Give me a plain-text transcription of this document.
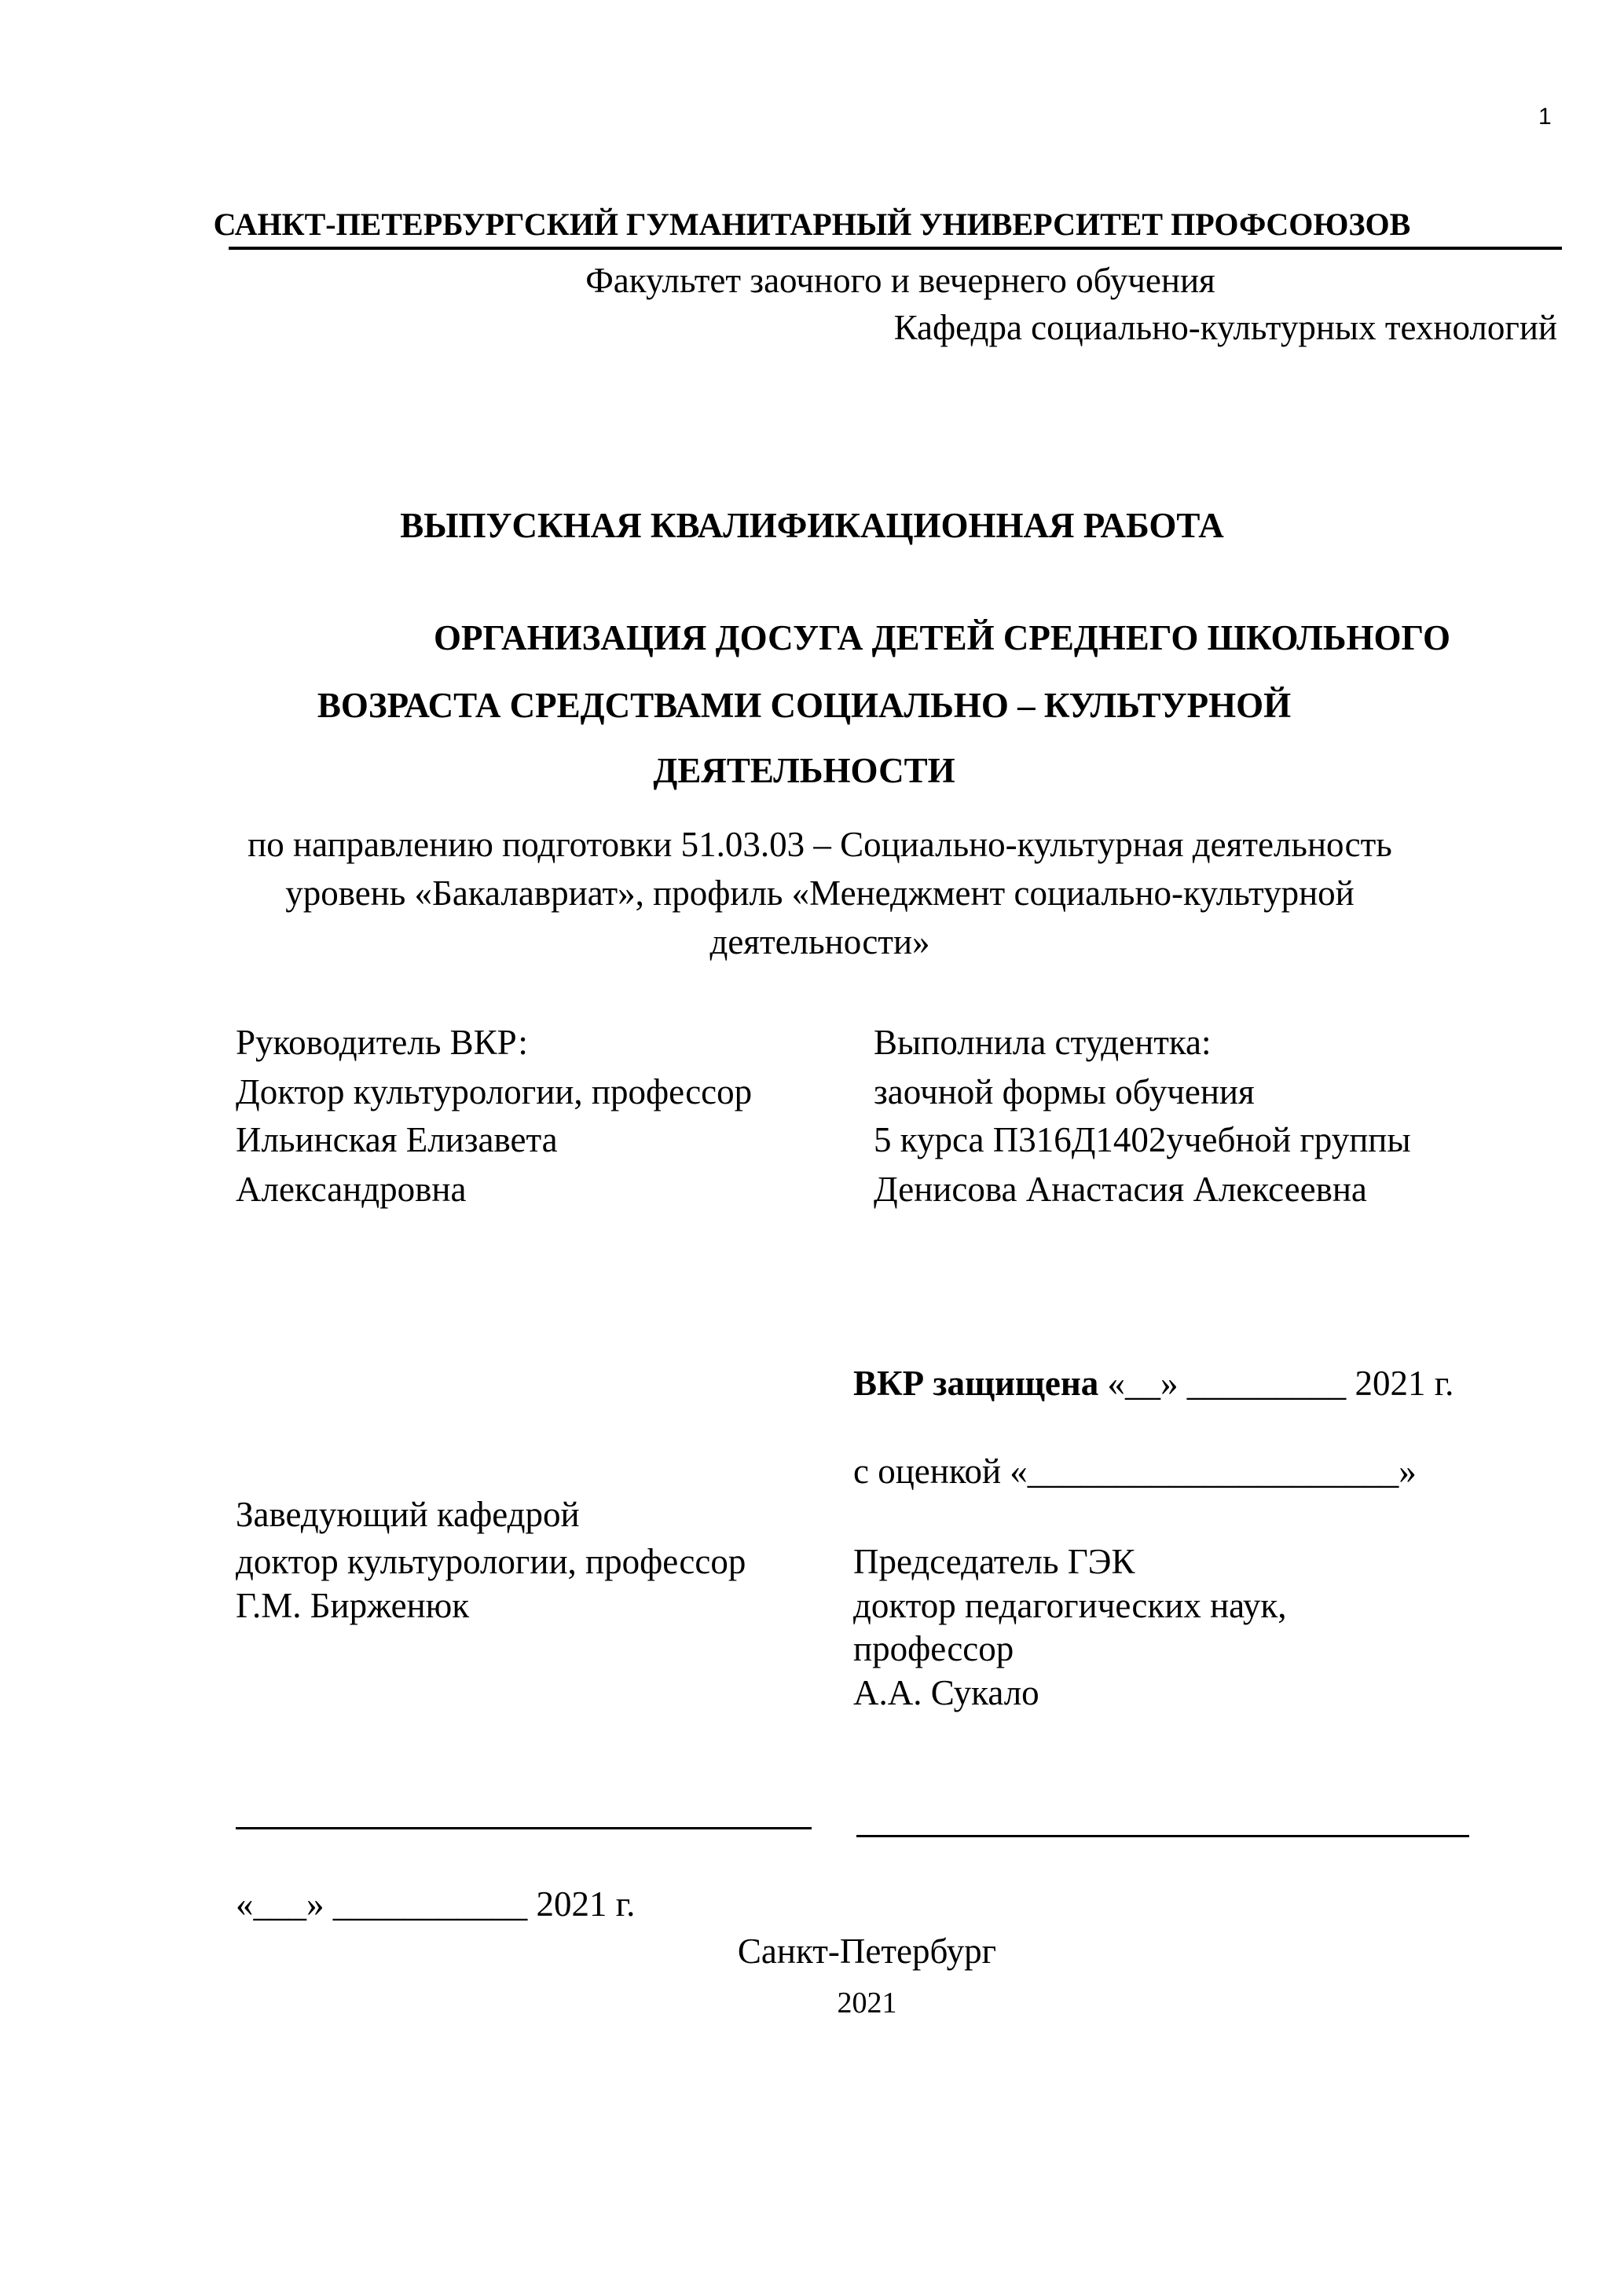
1
САНКТ-ПЕТЕРБУРГСКИЙ ГУМАНИТАРНЫЙ УНИВЕРСИТЕТ ПРОФСОЮЗОВ
Факультет заочного и вечернего обучения
Кафедра социально-культурных технологий
ВЫПУСКНАЯ КВАЛИФИКАЦИОННАЯ РАБОТА
ОРГАНИЗАЦИЯ ДОСУГА ДЕТЕЙ СРЕДНЕГО ШКОЛЬНОГО
ВОЗРАСТА СРЕДСТВАМИ СОЦИАЛЬНО – КУЛЬТУРНОЙ
ДЕЯТЕЛЬНОСТИ
по направлению подготовки 51.03.03 – Социально-культурная деятельность
уровень «Бакалавриат», профиль «Менеджмент социально-культурной
деятельности»
Руководитель ВКР:
Доктор культурологии, профессор
Ильинская Елизавета
Александровна
Выполнила студентка:
заочной формы обучения
5 курса П316Д1402учебной группы
Денисова Анастасия Алексеевна
ВКР защищена «__» _________ 2021 г.
с оценкой «_____________________»
Заведующий кафедрой
доктор культурологии, профессор
Г.М. Бирженюк
Председатель ГЭК
доктор педагогических наук,
профессор
А.А. Сукало
«___» ___________ 2021 г.
Санкт-Петербург
2021
